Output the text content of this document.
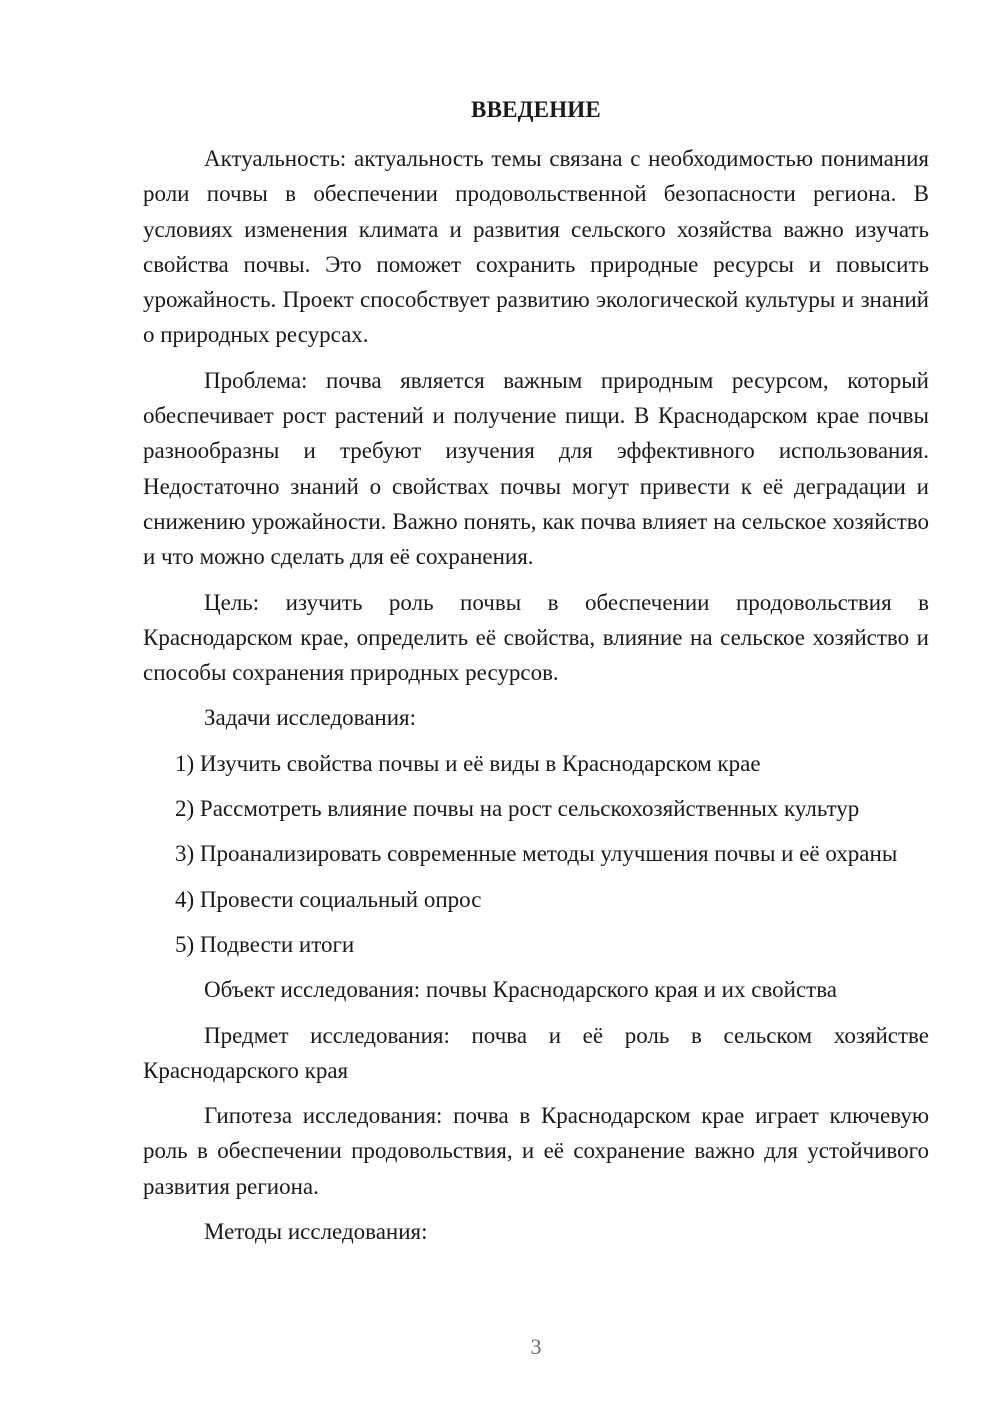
ВВЕДЕНИЕ

Актуальность: актуальность темы связана с необходимостью понимания роли почвы в обеспечении продовольственной безопасности региона. В условиях изменения климата и развития сельского хозяйства важно изучать свойства почвы. Это поможет сохранить природные ресурсы и повысить урожайность. Проект способствует развитию экологической культуры и знаний о природных ресурсах.

Проблема: почва является важным природным ресурсом, который обеспечивает рост растений и получение пищи. В Краснодарском крае почвы разнообразны и требуют изучения для эффективного использования. Недостаточно знаний о свойствах почвы могут привести к её деградации и снижению урожайности. Важно понять, как почва влияет на сельское хозяйство и что можно сделать для её сохранения.

Цель: изучить роль почвы в обеспечении продовольствия в Краснодарском крае, определить её свойства, влияние на сельское хозяйство и способы сохранения природных ресурсов.

Задачи исследования:

1) Изучить свойства почвы и её виды в Краснодарском крае

2) Рассмотреть влияние почвы на рост сельскохозяйственных культур

3) Проанализировать современные методы улучшения почвы и её охраны

4) Провести социальный опрос

5) Подвести итоги

Объект исследования: почвы Краснодарского края и их свойства

Предмет исследования: почва и её роль в сельском хозяйстве Краснодарского края

Гипотеза исследования: почва в Краснодарском крае играет ключевую роль в обеспечении продовольствия, и её сохранение важно для устойчивого развития региона.

Методы исследования:

3
